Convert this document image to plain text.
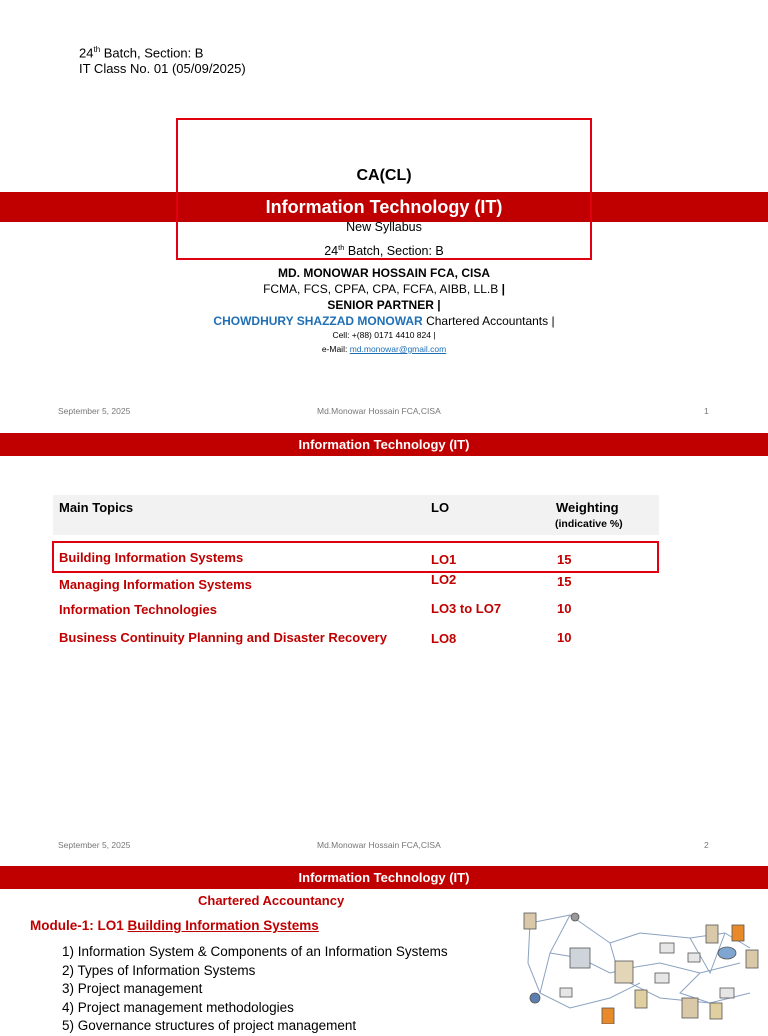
24th Batch, Section: B
IT Class No. 01 (05/09/2025)
Information Technology (IT)
CA(CL)
New Syllabus
24th Batch, Section: B
MD. MONOWAR HOSSAIN FCA, CISA
FCMA, FCS, CPFA, CPA, FCFA, AIBB, LL.B |
SENIOR PARTNER |
CHOWDHURY SHAZZAD MONOWAR Chartered Accountants |
Cell: +(88) 0171 4410 824 |
e-Mail: md.monowar@gmail.com
September 5, 2025	Md.Monowar Hossain FCA,CISA	1
Information Technology (IT)
Main Topics	LO	Weighting
(indicative %)
Building Information Systems	LO1	15
Managing Information Systems	LO2	15
Information Technologies	LO3 to LO7	10
Business Continuity Planning and Disaster Recovery	LO8	10
September 5, 2025	Md.Monowar Hossain FCA,CISA	2
Information Technology (IT)
Chartered Accountancy
Module-1: LO1 Building Information Systems
1) Information System & Components of an Information Systems
2) Types of Information Systems
3) Project management
4) Project management methodologies
5) Governance structures of project management
